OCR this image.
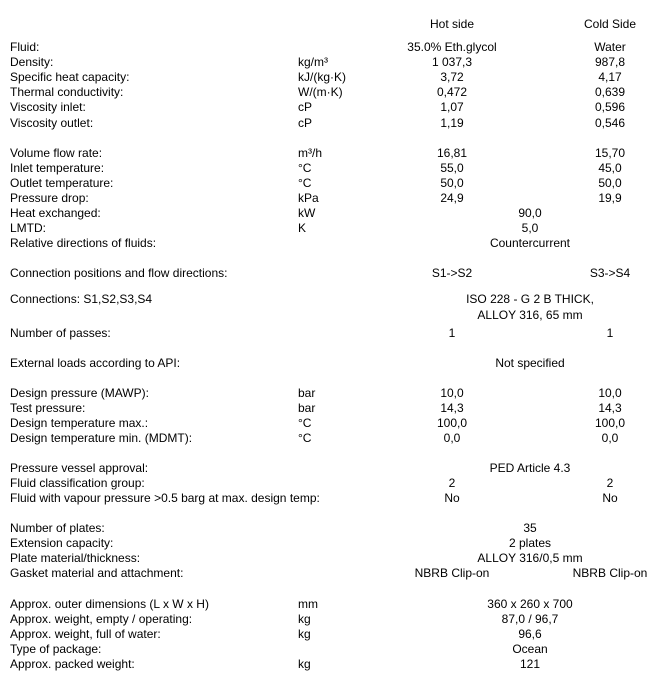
Hot side	Cold Side
Fluid:	35.0% Eth.glycol	Water
Density:	kg/m³	1 037,3	987,8
Specific heat capacity:	kJ/(kg·K)	3,72	4,17
Thermal conductivity:	W/(m·K)	0,472	0,639
Viscosity inlet:	cP	1,07	0,596
Viscosity outlet:	cP	1,19	0,546
Volume flow rate:	m³/h	16,81	15,70
Inlet temperature:	°C	55,0	45,0
Outlet temperature:	°C	50,0	50,0
Pressure drop:	kPa	24,9	19,9
Heat exchanged:	kW	90,0
LMTD:	K	5,0
Relative directions of fluids:	Countercurrent
Connection positions and flow directions:	S1->S2	S3->S4
Connections: S1,S2,S3,S4	ISO 228 - G 2 B THICK,
ALLOY 316, 65 mm
Number of passes:	1	1
External loads according to API:	Not specified
Design pressure (MAWP):	bar	10,0	10,0
Test pressure:	bar	14,3	14,3
Design temperature max.:	°C	100,0	100,0
Design temperature min. (MDMT):	°C	0,0	0,0
Pressure vessel approval:	PED Article 4.3
Fluid classification group:	2	2
Fluid with vapour pressure >0.5 barg at max. design temp:	No	No
Number of plates:	35
Extension capacity:	2 plates
Plate material/thickness:	ALLOY 316/0,5 mm
Gasket material and attachment:	NBRB Clip-on	NBRB Clip-on
Approx. outer dimensions (L x W x H)	mm	360 x 260 x 700
Approx. weight, empty / operating:	kg	87,0 / 96,7
Approx. weight, full of water:	kg	96,6
Type of package:	Ocean
Approx. packed weight:	kg	121
